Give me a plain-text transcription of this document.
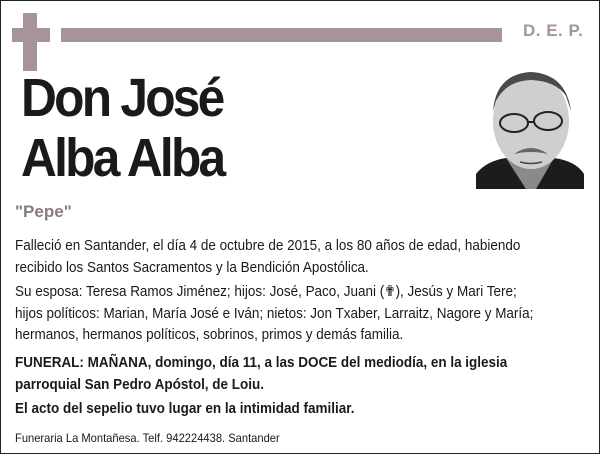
D. E. P.
Don José
Alba Alba
"Pepe"
Falleció en Santander, el día 4 de octubre de 2015, a los 80 años de edad, habiendo recibido los Santos Sacramentos y la Bendición Apostólica.
Su esposa: Teresa Ramos Jiménez; hijos: José, Paco, Juani (✟), Jesús y Mari Tere; hijos políticos: Marian, María José e Iván; nietos: Jon Txaber, Larraitz, Nagore y María; hermanos, hermanos políticos, sobrinos, primos y demás familia.
FUNERAL: MAÑANA, domingo, día 11, a las DOCE del mediodía, en la iglesia parroquial San Pedro Apóstol, de Loiu.
El acto del sepelio tuvo lugar en la intimidad familiar.
Funeraria La Montañesa. Telf. 942224438. Santander
